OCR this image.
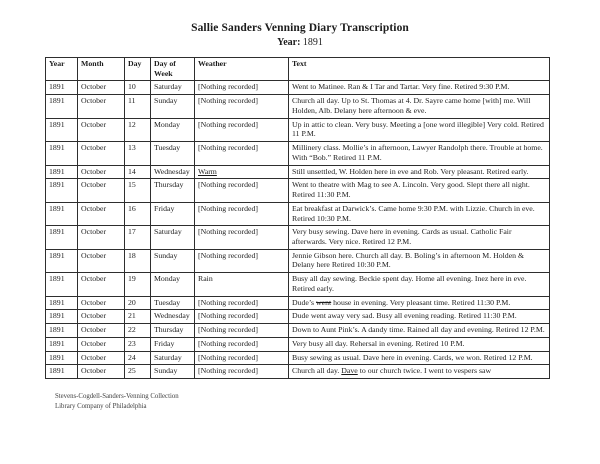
Sallie Sanders Venning Diary Transcription
Year: 1891
Year	Month	Day	Day of Week	Weather	Text
1891	October	10	Saturday	[Nothing recorded]	Went to Matinee. Ran & I Tar and Tartar. Very fine. Retired 9:30 P.M.
1891	October	11	Sunday	[Nothing recorded]	Church all day. Up to St. Thomas at 4. Dr. Sayre came home [with] me. Will Holden, Alb. Delany here afternoon & eve.
1891	October	12	Monday	[Nothing recorded]	Up in attic to clean. Very busy. Meeting a [one word illegible] Very cold. Retired 11 P.M.
1891	October	13	Tuesday	[Nothing recorded]	Millinery class. Mollie’s in afternoon, Lawyer Randolph there. Trouble at home. With “Bob.” Retired 11 P.M.
1891	October	14	Wednesday	Warm	Still unsettled, W. Holden here in eve and Rob. Very pleasant. Retired early.
1891	October	15	Thursday	[Nothing recorded]	Went to theatre with Mag to see A. Lincoln. Very good. Slept there all night. Retired 11:30 P.M.
1891	October	16	Friday	[Nothing recorded]	Eat breakfast at Darwick’s. Came home 9:30 P.M. with Lizzie. Church in eve. Retired 10:30 P.M.
1891	October	17	Saturday	[Nothing recorded]	Very busy sewing. Dave here in evening. Cards as usual. Catholic Fair afterwards. Very nice. Retired 12 P.M.
1891	October	18	Sunday	[Nothing recorded]	Jennie Gibson here. Church all day. B. Boling’s in afternoon M. Holden & Delany here Retired 10:30 P.M.
1891	October	19	Monday	Rain	Busy all day sewing. Beckie spent day. Home all evening. Inez here in eve. Retired early.
1891	October	20	Tuesday	[Nothing recorded]	Dude’s went house in evening. Very pleasant time. Retired 11:30 P.M.
1891	October	21	Wednesday	[Nothing recorded]	Dude went away very sad. Busy all evening reading. Retired 11:30 P.M.
1891	October	22	Thursday	[Nothing recorded]	Down to Aunt Pink’s. A dandy time. Rained all day and evening. Retired 12 P.M.
1891	October	23	Friday	[Nothing recorded]	Very busy all day. Rehersal in evening. Retired 10 P.M.
1891	October	24	Saturday	[Nothing recorded]	Busy sewing as usual. Dave here in evening. Cards, we won. Retired 12 P.M.
1891	October	25	Sunday	[Nothing recorded]	Church all day. Dave to our church twice. I went to vespers saw
Stevens-Cogdell-Sanders-Venning Collection
Library Company of Philadelphia
